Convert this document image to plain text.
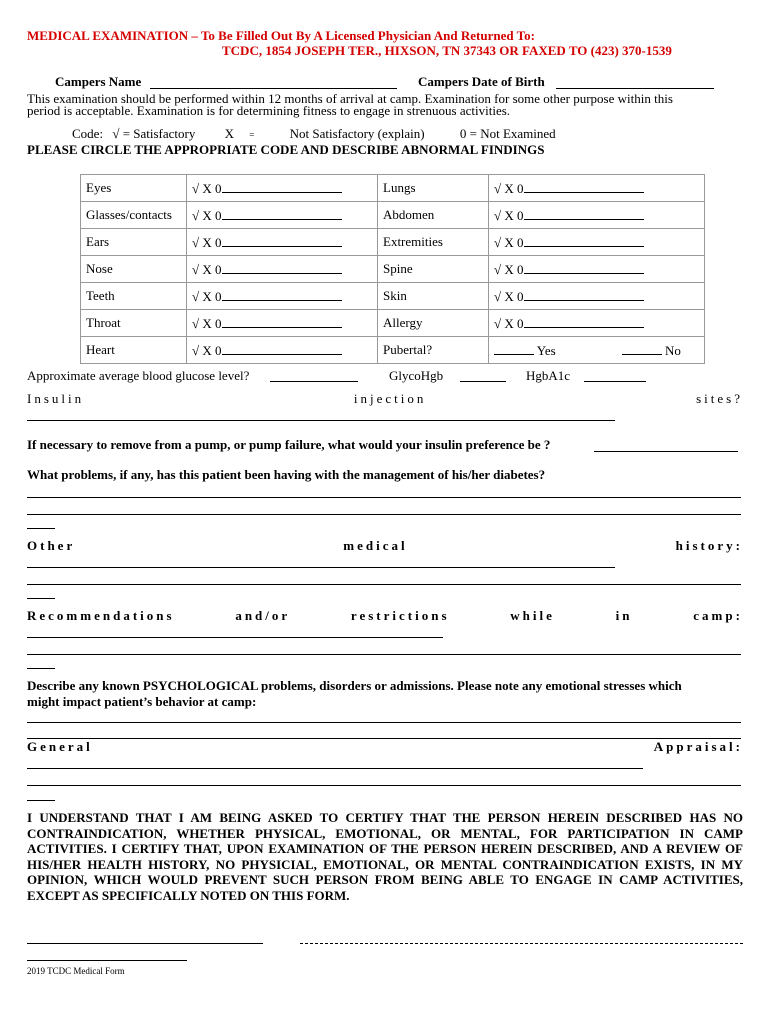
MEDICAL EXAMINATION – To Be Filled Out By A Licensed Physician And Returned To:
TCDC, 1854 JOSEPH TER., HIXSON, TN 37343 OR FAXED TO (423) 370-1539
Campers Name	Campers Date of Birth
This examination should be performed within 12 months of arrival at camp. Examination for some other purpose within this
period is acceptable. Examination is for determining fitness to engage in strenuous activities.
Code: √ = Satisfactory X =	Not Satisfactory (explain)	0 = Not Examined
PLEASE CIRCLE THE APPROPRIATE CODE AND DESCRIBE ABNORMAL FINDINGS
Eyes	√ X 0	Lungs	√ X 0
Glasses/contacts	√ X 0	Abdomen	√ X 0
Ears	√ X 0	Extremities	√ X 0
Nose	√ X 0	Spine	√ X 0
Teeth	√ X 0	Skin	√ X 0
Throat	√ X 0	Allergy	√ X 0
Heart	√ X 0	Pubertal?	Yes No
Approximate average blood glucose level?	GlycoHgb	HgbA1c
Insulin	injection	sites?
If necessary to remove from a pump, or pump failure, what would your insulin preference be ?
What problems, if any, has this patient been having with the management of his/her diabetes?
Other	medical	history:
Recommendations	and/or	restrictions	while	in	camp:
Describe any known PSYCHOLOGICAL problems, disorders or admissions. Please note any emotional stresses which
might impact patient’s behavior at camp:
General	Appraisal:
I UNDERSTAND THAT I AM BEING ASKED TO CERTIFY THAT THE PERSON HEREIN DESCRIBED HAS NO CONTRAINDICATION, WHETHER PHYSICAL, EMOTIONAL, OR MENTAL, FOR PARTICIPATION IN CAMP ACTIVITIES. I CERTIFY THAT, UPON EXAMINATION OF THE PERSON HEREIN DESCRIBED, AND A REVIEW OF HIS/HER HEALTH HISTORY, NO PHYSICIAL, EMOTIONAL, OR MENTAL CONTRAINDICATION EXISTS, IN MY OPINION, WHICH WOULD PREVENT SUCH PERSON FROM BEING ABLE TO ENGAGE IN CAMP ACTIVITIES, EXCEPT AS SPECIFICALLY NOTED ON THIS FORM.
2019 TCDC Medical Form
